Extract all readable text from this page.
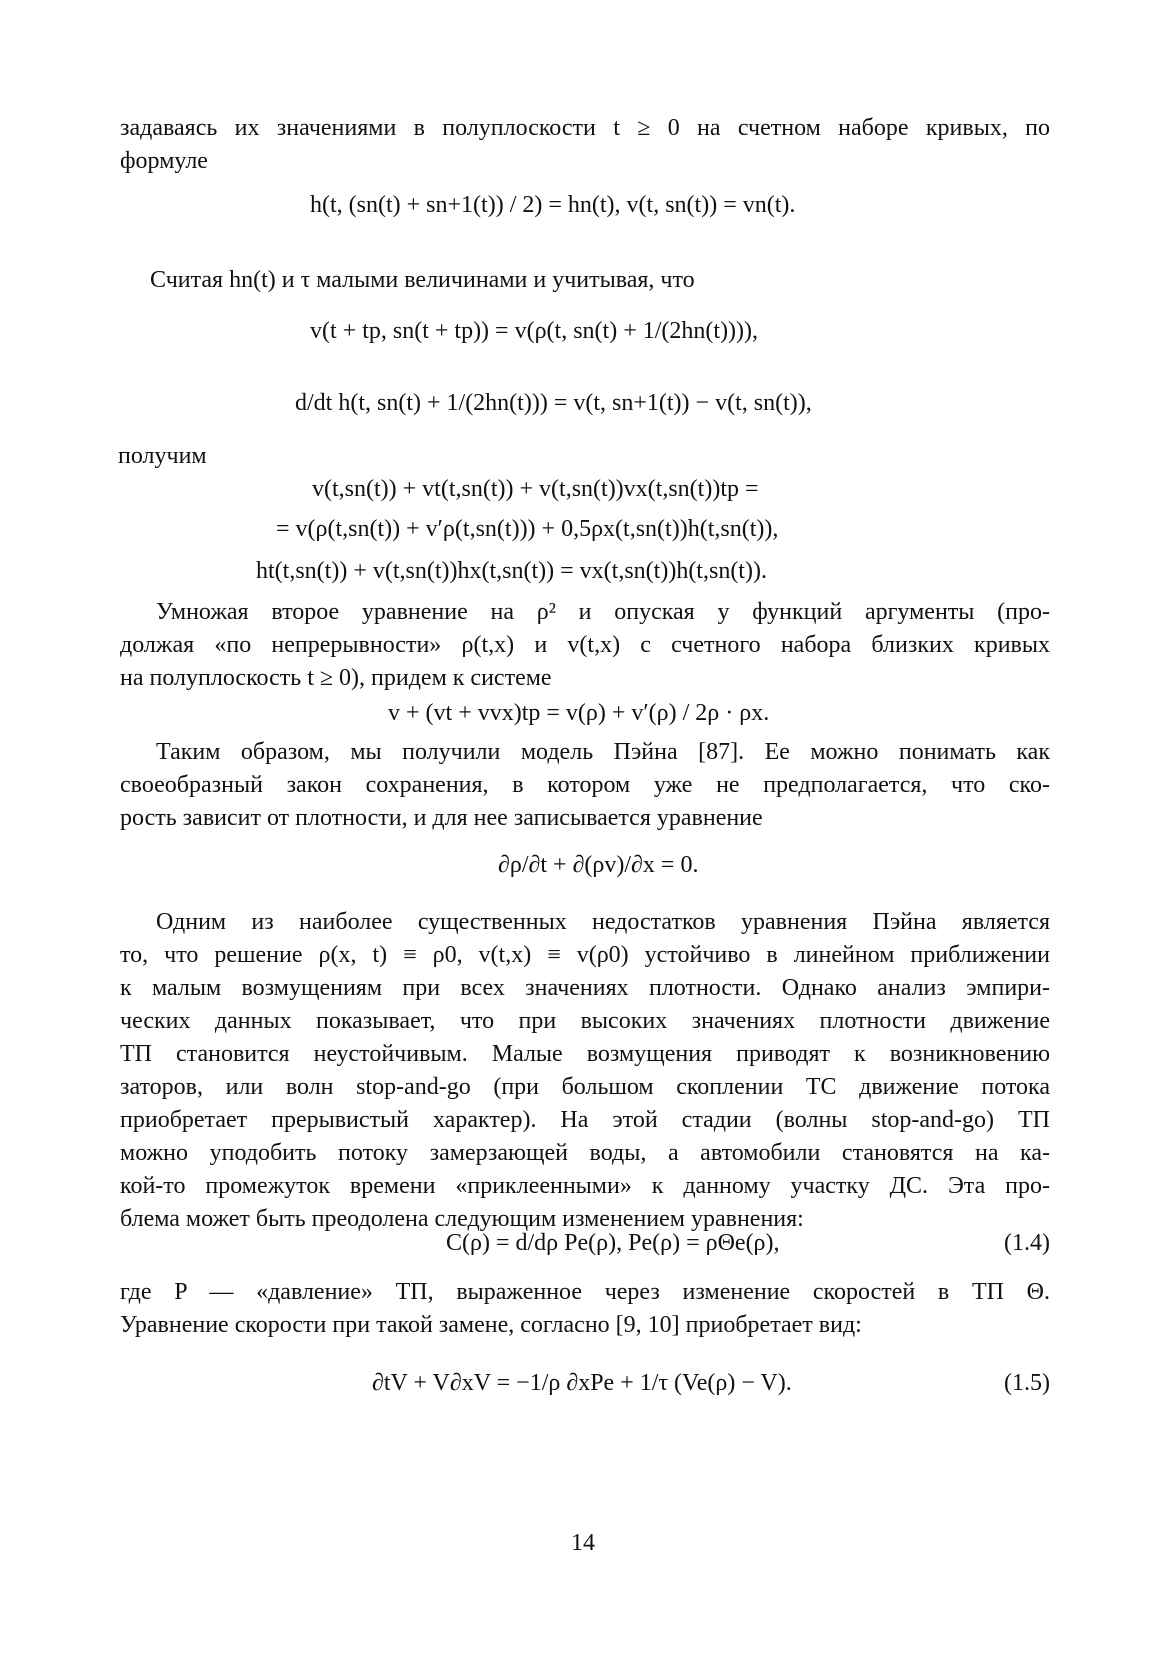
задаваясь их значениями в полуплоскости t ≥ 0 на счетном наборе кривых, по
формуле
h(t, (sn(t) + sn+1(t)) / 2) = hn(t), v(t, sn(t)) = vn(t).
Считая hn(t) и τ малыми величинами и учитывая, что
v(t + tр, sn(t + tр)) = v(ρ(t, sn(t) + 1/(2hn(t)))),
d/dt h(t, sn(t) + 1/(2hn(t))) = v(t, sn+1(t)) − v(t, sn(t)),
получим
v(t,sn(t)) + vt(t,sn(t)) + v(t,sn(t))vx(t,sn(t))tр =
= v(ρ(t,sn(t)) + v′ρ(t,sn(t))) + 0,5ρx(t,sn(t))h(t,sn(t)),
ht(t,sn(t)) + v(t,sn(t))hx(t,sn(t)) = vx(t,sn(t))h(t,sn(t)).
Умножая второе уравнение на ρ² и опуская у функций аргументы (про-
должая «по непрерывности» ρ(t,x) и v(t,x) с счетного набора близких кривых
на полуплоскость t ≥ 0), придем к системе
v + (vt + vvx)tр = v(ρ) + v′(ρ) / 2ρ · ρx.
Таким образом, мы получили модель Пэйна [87]. Ее можно понимать как
своеобразный закон сохранения, в котором уже не предполагается, что ско-
рость зависит от плотности, и для нее записывается уравнение
∂ρ/∂t + ∂(ρv)/∂x = 0.
Одним из наиболее существенных недостатков уравнения Пэйна является
то, что решение ρ(x, t) ≡ ρ0, v(t,x) ≡ v(ρ0) устойчиво в линейном приближении
к малым возмущениям при всех значениях плотности. Однако анализ эмпири-
ческих данных показывает, что при высоких значениях плотности движение
ТП становится неустойчивым. Малые возмущения приводят к возникновению
заторов, или волн stop-and-go (при большом скоплении ТС движение потока
приобретает прерывистый характер). На этой стадии (волны stop-and-go) ТП
можно уподобить потоку замерзающей воды, а автомобили становятся на ка-
кой-то промежуток времени «приклеенными» к данному участку ДС. Эта про-
блема может быть преодолена следующим изменением уравнения:
C(ρ) = d/dρ Pe(ρ), Pe(ρ) = ρΘe(ρ),	(1.4)
где P — «давление» ТП, выраженное через изменение скоростей в ТП Θ.
Уравнение скорости при такой замене, согласно [9, 10] приобретает вид:
∂tV + V∂xV = −1/ρ ∂xPe + 1/τ (Ve(ρ) − V).	(1.5)
14
